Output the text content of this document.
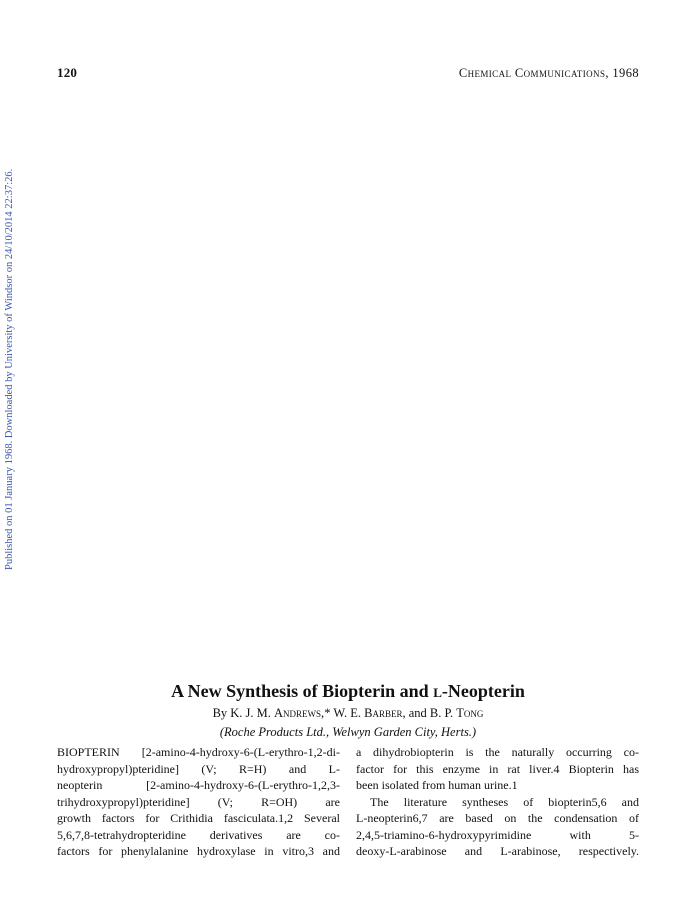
120	Chemical Communications, 1968
Published on 01 January 1968. Downloaded by University of Windsor on 24/10/2014 22:37:26.
A New Synthesis of Biopterin and l-Neopterin
By K. J. M. Andrews,* W. E. Barber, and B. P. Tong
(Roche Products Ltd., Welwyn Garden City, Herts.)
BIOPTERIN [2-amino-4-hydroxy-6-(L-erythro-1,2-di-
hydroxypropyl)pteridine] (V; R=H) and L-
neopterin [2-amino-4-hydroxy-6-(L-erythro-1,2,3-
trihydroxypropyl)pteridine] (V; R=OH) are
growth factors for Crithidia fasciculata.1,2 Several
5,6,7,8-tetrahydropteridine derivatives are co-
factors for phenylalanine hydroxylase in vitro,3 and
a dihydrobiopterin is the naturally occurring co-
factor for this enzyme in rat liver.4 Biopterin has
been isolated from human urine.1
The literature syntheses of biopterin5,6 and
L-neopterin6,7 are based on the condensation of
2,4,5-triamino-6-hydroxypyrimidine with 5-
deoxy-L-arabinose and L-arabinose, respectively.
